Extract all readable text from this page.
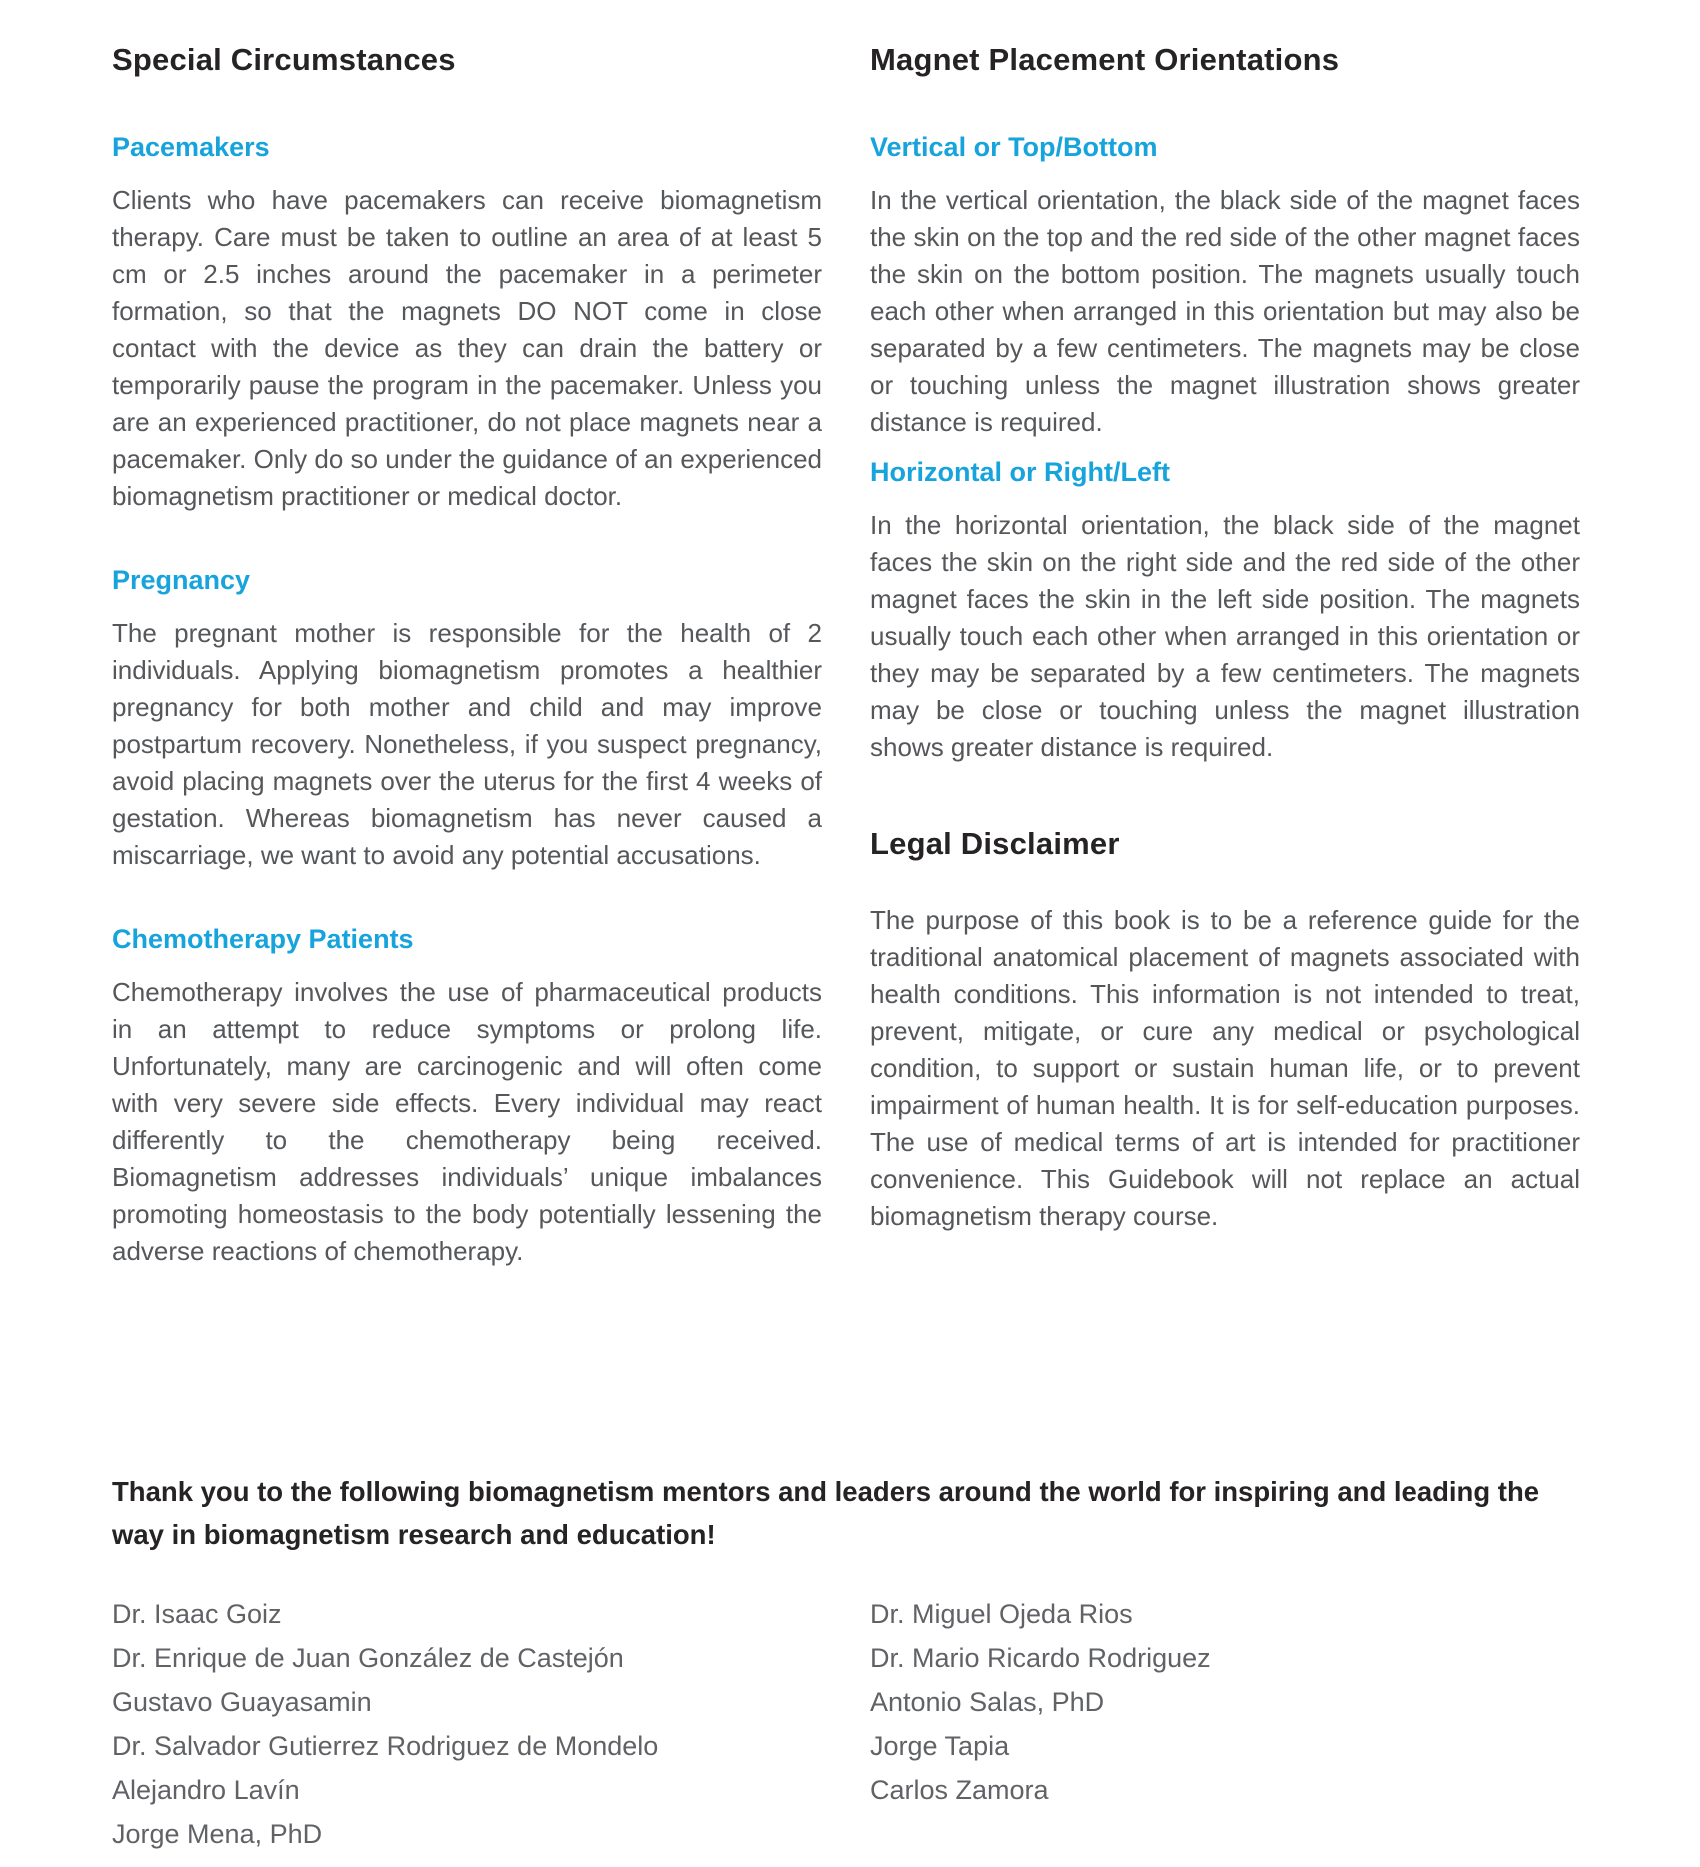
Special Circumstances
Pacemakers

Clients who have pacemakers can receive biomagnetism therapy. Care must be taken to outline an area of at least 5 cm or 2.5 inches around the pacemaker in a perimeter formation, so that the magnets DO NOT come in close contact with the device as they can drain the battery or temporarily pause the program in the pacemaker. Unless you are an experienced practitioner, do not place magnets near a pacemaker. Only do so under the guidance of an experienced biomagnetism practitioner or medical doctor.

Pregnancy

The pregnant mother is responsible for the health of 2 individuals. Applying biomagnetism promotes a healthier pregnancy for both mother and child and may improve postpartum recovery. Nonetheless, if you suspect pregnancy, avoid placing magnets over the uterus for the first 4 weeks of gestation. Whereas biomagnetism has never caused a miscarriage, we want to avoid any potential accusations.

Chemotherapy Patients

Chemotherapy involves the use of pharmaceutical products in an attempt to reduce symptoms or prolong life. Unfortunately, many are carcinogenic and will often come with very severe side effects. Every individual may react differently to the chemotherapy being received. Biomagnetism addresses individuals’ unique imbalances promoting homeostasis to the body potentially lessening the adverse reactions of chemotherapy.

Magnet Placement Orientations
Vertical or Top/Bottom

In the vertical orientation, the black side of the magnet faces the skin on the top and the red side of the other magnet faces the skin on the bottom position. The magnets usually touch each other when arranged in this orientation but may also be separated by a few centimeters. The magnets may be close or touching unless the magnet illustration shows greater distance is required.

Horizontal or Right/Left

In the horizontal orientation, the black side of the magnet faces the skin on the right side and the red side of the other magnet faces the skin in the left side position. The magnets usually touch each other when arranged in this orientation or they may be separated by a few centimeters. The magnets may be close or touching unless the magnet illustration shows greater distance is required.

Legal Disclaimer

The purpose of this book is to be a reference guide for the traditional anatomical placement of magnets associated with health conditions. This information is not intended to treat, prevent, mitigate, or cure any medical or psychological condition, to support or sustain human life, or to prevent impairment of human health. It is for self-education purposes. The use of medical terms of art is intended for practitioner convenience. This Guidebook will not replace an actual biomagnetism therapy course.

Thank you to the following biomagnetism mentors and leaders around the world for inspiring and leading the way in biomagnetism research and education!

Dr. Isaac Goiz
Dr. Enrique de Juan González de Castejón
Gustavo Guayasamin
Dr. Salvador Gutierrez Rodriguez de Mondelo
Alejandro Lavín
Jorge Mena, PhD
Dr. Miguel Ojeda Rios
Dr. Mario Ricardo Rodriguez
Antonio Salas, PhD
Jorge Tapia
Carlos Zamora
